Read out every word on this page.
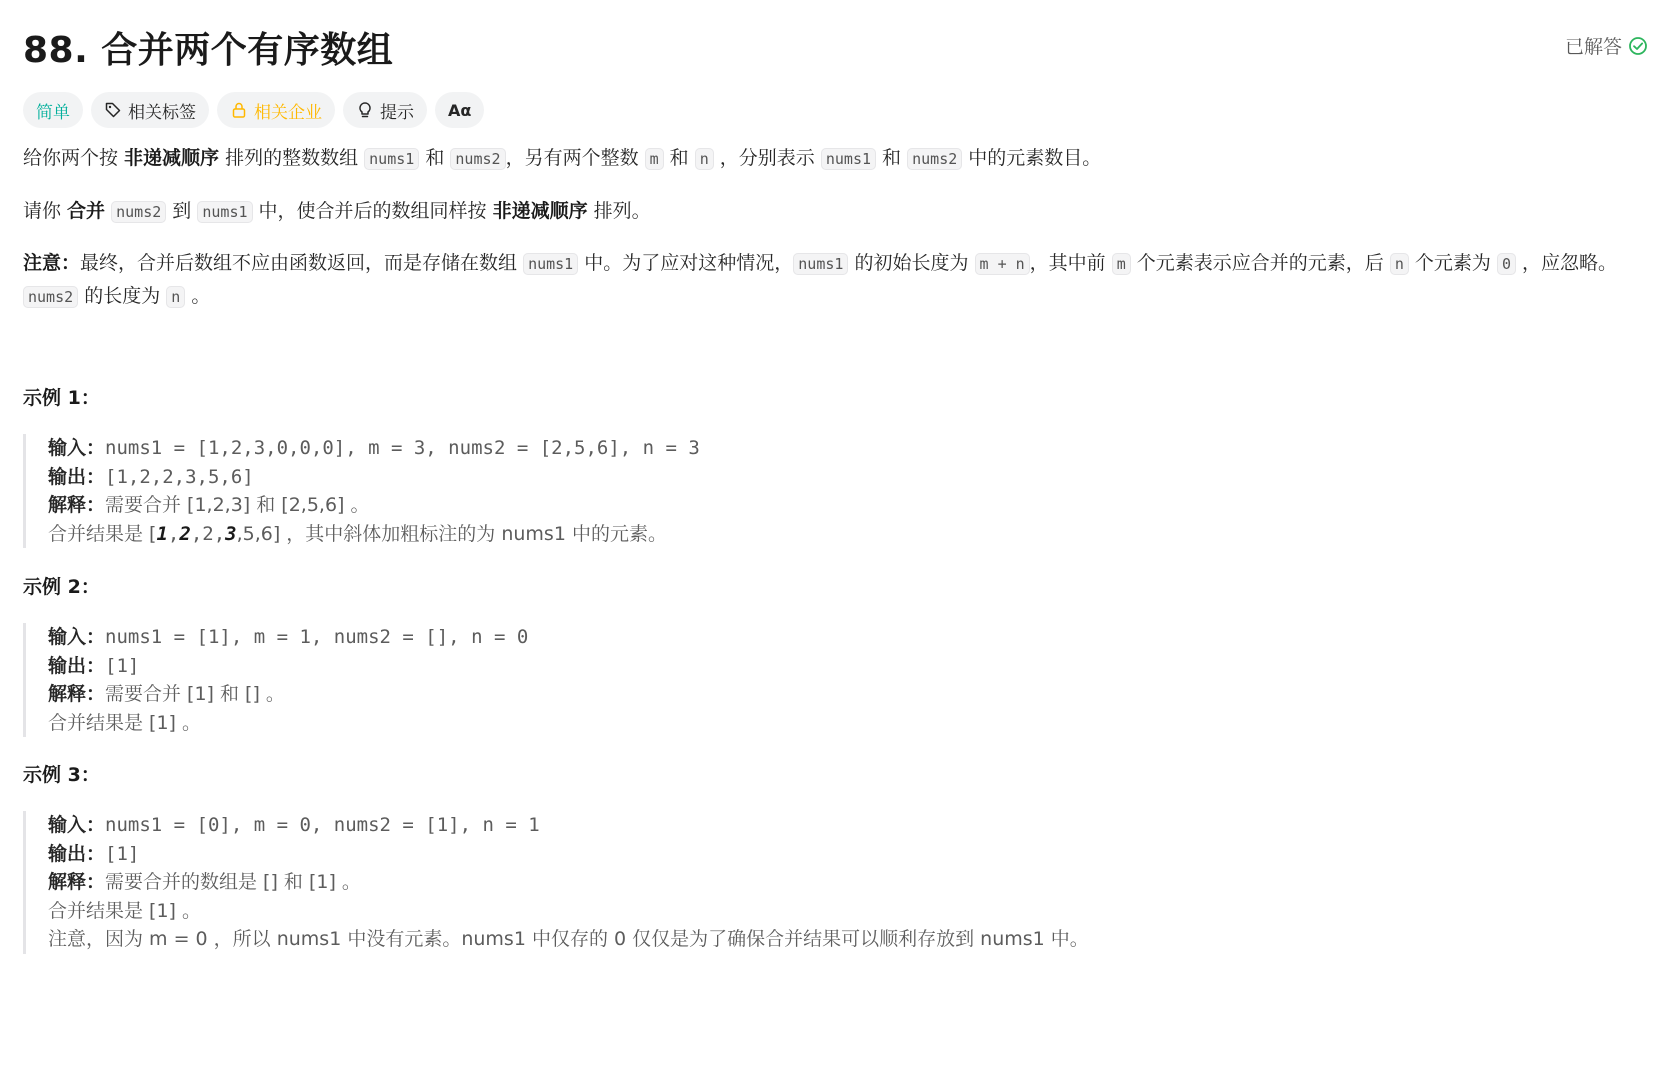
88. 合并两个有序数组	已解答
简单	相关标签	相关企业	提示 Aα

给你两个按 非递减顺序 排列的整数数组 nums1 和 nums2 ，另有两个整数 m 和 n ，分别表示 nums1 和 nums2 中的元素数目。

请你 合并 nums2 到 nums1 中，使合并后的数组同样按 非递减顺序 排列。

注意：最终，合并后数组不应由函数返回，而是存储在数组 nums1 中。为了应对这种情况， nums1 的初始长度为 m + n ，其中前 m 个元素表示应合并的元素，后 n 个元素为 0 ，应忽略。nums2 的长度为 n 。

示例 1：
输入：nums1 = [1,2,3,0,0,0], m = 3, nums2 = [2,5,6], n = 3
输出：[1,2,2,3,5,6]
解释：需要合并 [1,2,3] 和 [2,5,6] 。
合并结果是 [1,2,2,3,5,6] ，其中斜体加粗标注的为 nums1 中的元素。
示例 2：
输入：nums1 = [1], m = 1, nums2 = [], n = 0
输出：[1]
解释：需要合并 [1] 和 [] 。
合并结果是 [1] 。
示例 3：
输入：nums1 = [0], m = 0, nums2 = [1], n = 1
输出：[1]
解释：需要合并的数组是 [] 和 [1] 。
合并结果是 [1] 。
注意，因为 m = 0 ，所以 nums1 中没有元素。nums1 中仅存的 0 仅仅是为了确保合并结果可以顺利存放到 nums1 中。
